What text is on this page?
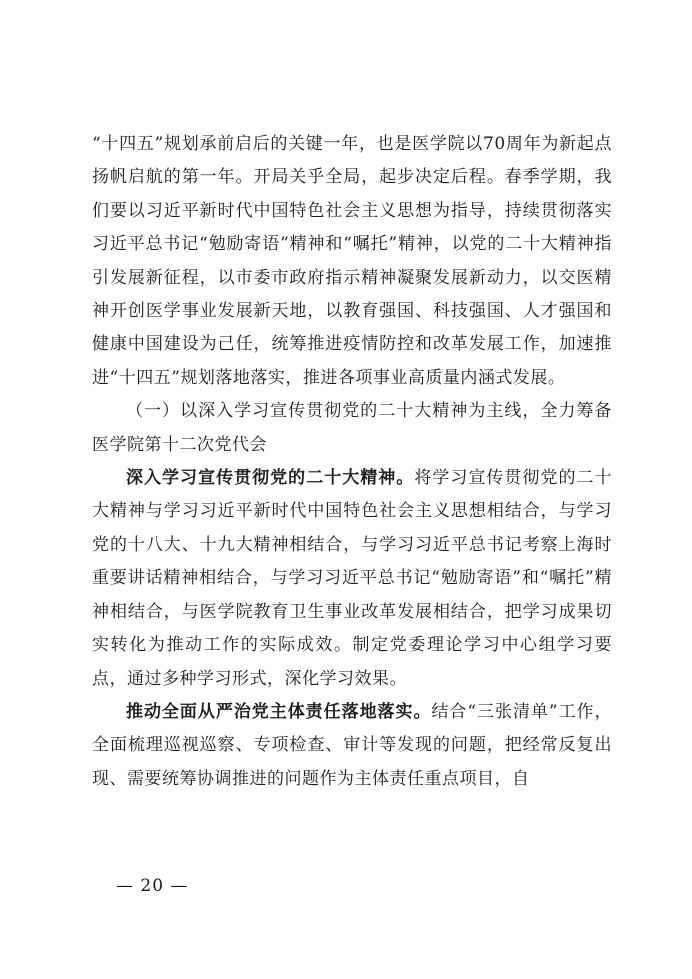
“十四五”规划承前启后的关键一年，也是医学院以70周年为新起点扬帆启航的第一年。开局关乎全局，起步决定后程。春季学期，我们要以习近平新时代中国特色社会主义思想为指导，持续贯彻落实习近平总书记“勉励寄语”精神和“嘱托”精神，以党的二十大精神指引发展新征程，以市委市政府指示精神凝聚发展新动力，以交医精神开创医学事业发展新天地，以教育强国、科技强国、人才强国和健康中国建设为己任，统筹推进疫情防控和改革发展工作，加速推进“十四五”规划落地落实，推进各项事业高质量内涵式发展。

（一）以深入学习宣传贯彻党的二十大精神为主线，全力筹备医学院第十二次党代会

深入学习宣传贯彻党的二十大精神。将学习宣传贯彻党的二十大精神与学习习近平新时代中国特色社会主义思想相结合，与学习党的十八大、十九大精神相结合，与学习习近平总书记考察上海时重要讲话精神相结合，与学习习近平总书记“勉励寄语”和“嘱托”精神相结合，与医学院教育卫生事业改革发展相结合，把学习成果切实转化为推动工作的实际成效。制定党委理论学习中心组学习要点，通过多种学习形式，深化学习效果。

推动全面从严治党主体责任落地落实。结合“三张清单”工作，全面梳理巡视巡察、专项检查、审计等发现的问题，把经常反复出现、需要统筹协调推进的问题作为主体责任重点项目，自

— 20 —
